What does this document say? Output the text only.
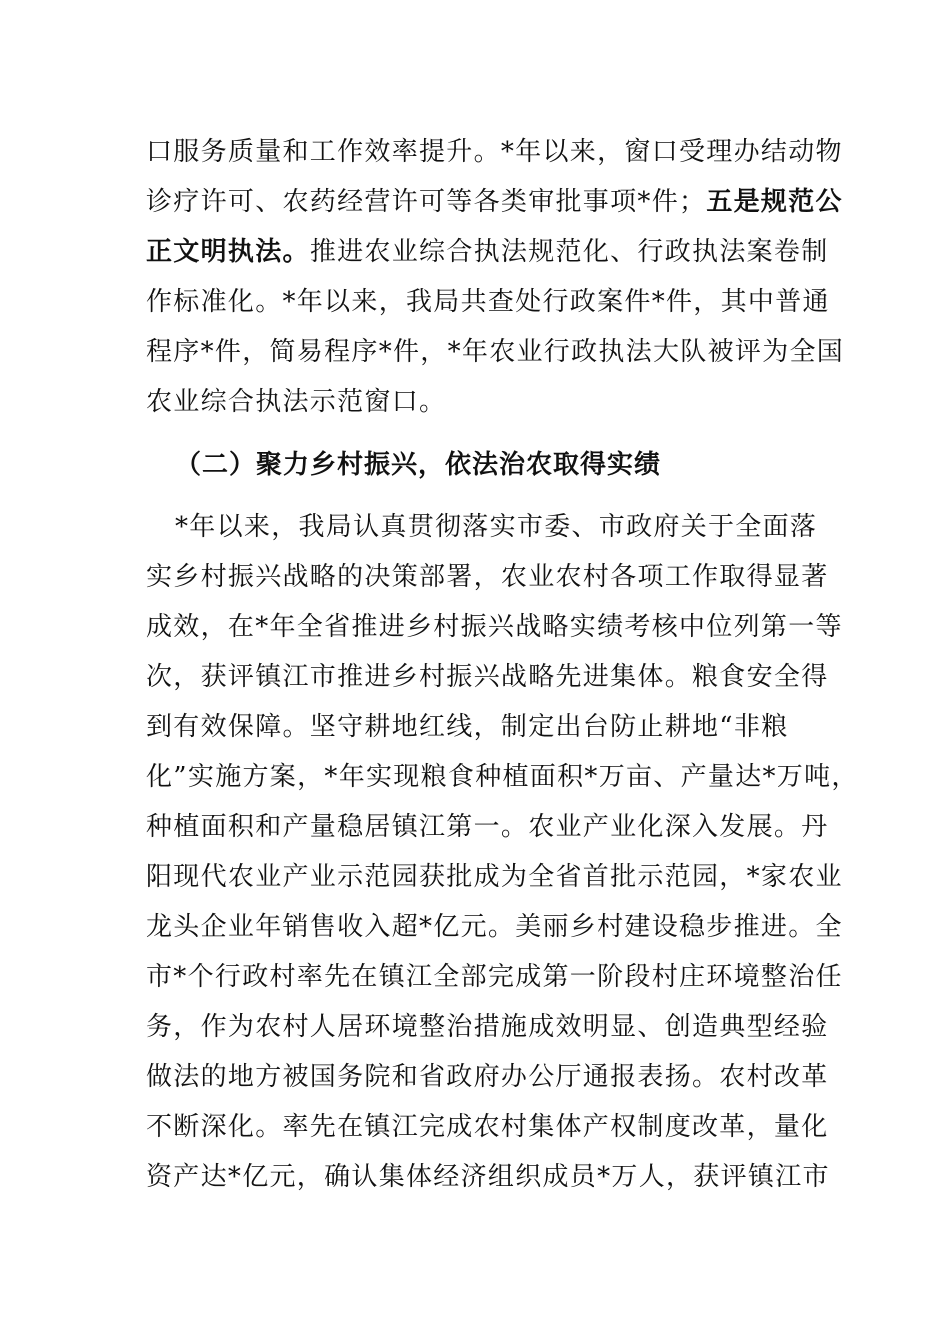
口服务质量和工作效率提升。*年以来，窗口受理办结动物
诊疗许可、农药经营许可等各类审批事项*件；五是规范公
正文明执法。推进农业综合执法规范化、行政执法案卷制
作标准化。*年以来，我局共查处行政案件*件，其中普通
程序*件，简易程序*件，*年农业行政执法大队被评为全国
农业综合执法示范窗口。
（二）聚力乡村振兴，依法治农取得实绩
*年以来，我局认真贯彻落实市委、市政府关于全面落
实乡村振兴战略的决策部署，农业农村各项工作取得显著
成效，在*年全省推进乡村振兴战略实绩考核中位列第一等
次，获评镇江市推进乡村振兴战略先进集体。粮食安全得
到有效保障。坚守耕地红线，制定出台防止耕地“非粮
化”实施方案，*年实现粮食种植面积*万亩、产量达*万吨，
种植面积和产量稳居镇江第一。农业产业化深入发展。丹
阳现代农业产业示范园获批成为全省首批示范园，*家农业
龙头企业年销售收入超*亿元。美丽乡村建设稳步推进。全
市*个行政村率先在镇江全部完成第一阶段村庄环境整治任
务，作为农村人居环境整治措施成效明显、创造典型经验
做法的地方被国务院和省政府办公厅通报表扬。农村改革
不断深化。率先在镇江完成农村集体产权制度改革，量化
资产达*亿元，确认集体经济组织成员*万人，获评镇江市
